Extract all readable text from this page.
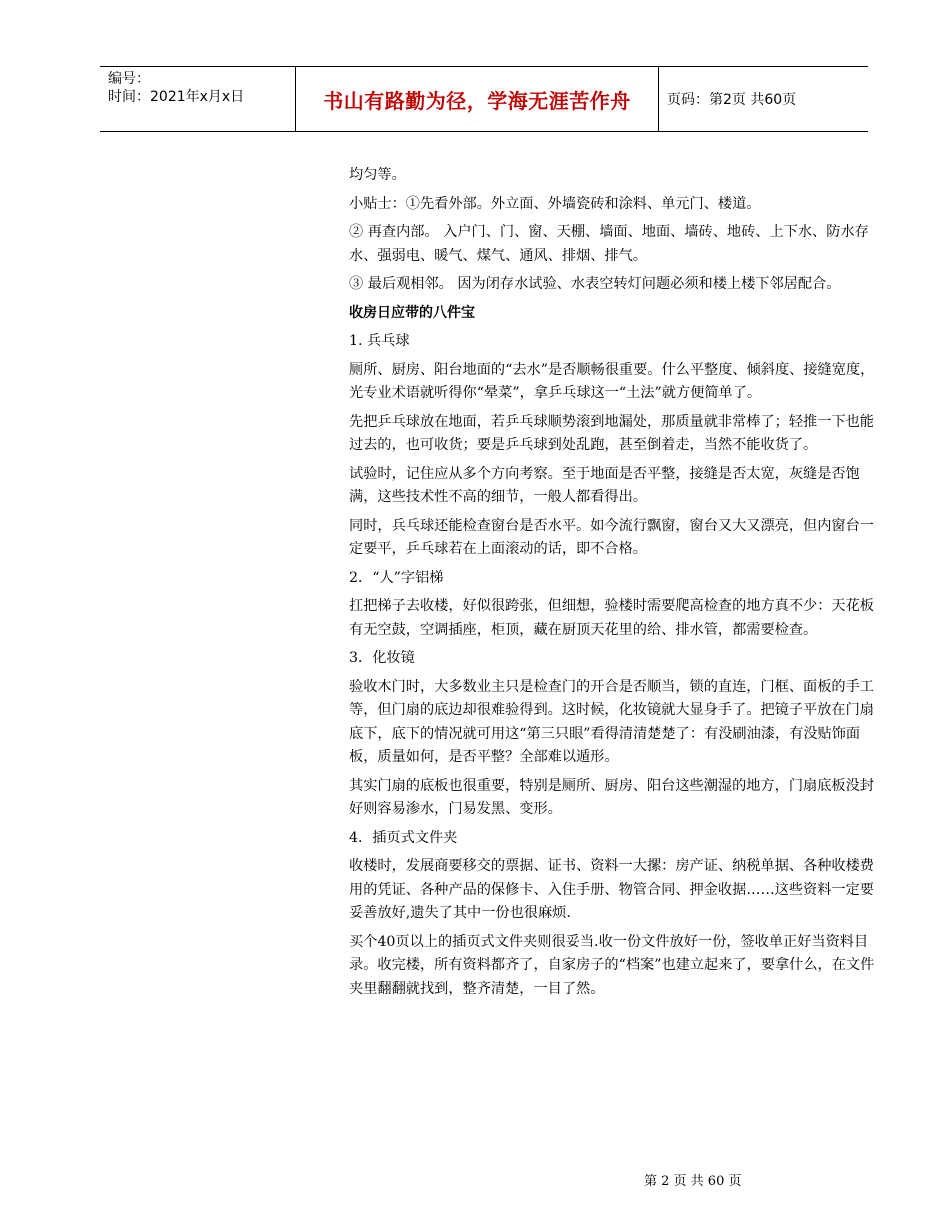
编号：
时间：2021年x月x日	书山有路勤为径，学海无涯苦作舟	页码：第2页 共60页

均匀等。

小贴士：①先看外部。外立面、外墙瓷砖和涂料、单元门、楼道。

② 再查内部。 入户门、门、窗、天棚、墙面、地面、墙砖、地砖、上下水、防水存水、强弱电、暖气、煤气、通风、排烟、排气。

③ 最后观相邻。 因为闭存水试验、水表空转灯问题必须和楼上楼下邻居配合。

收房日应带的八件宝

1. 兵乓球

厕所、厨房、阳台地面的“去水”是否顺畅很重要。什么平整度、倾斜度、接缝宽度，光专业术语就听得你“晕菜”，拿乒乓球这一“土法”就方便简单了。

先把乒乓球放在地面，若乒乓球顺势滚到地漏处，那质量就非常棒了；轻推一下也能过去的，也可收货；要是乒乓球到处乱跑，甚至倒着走，当然不能收货了。

试验时，记住应从多个方向考察。至于地面是否平整，接缝是否太宽，灰缝是否饱满，这些技术性不高的细节，一般人都看得出。

同时，兵乓球还能检查窗台是否水平。如今流行飘窗，窗台又大又漂亮，但内窗台一定要平，乒乓球若在上面滚动的话，即不合格。

2．“人”字铝梯

扛把梯子去收楼，好似很跨张，但细想，验楼时需要爬高检查的地方真不少：天花板有无空鼓，空调插座，柜顶，藏在厨顶天花里的给、排水管，都需要检查。

3．化妆镜

验收木门时，大多数业主只是检查门的开合是否顺当，锁的直连，门框、面板的手工等，但门扇的底边却很难验得到。这时候，化妆镜就大显身手了。把镜子平放在门扇底下，底下的情况就可用这“第三只眼”看得清清楚楚了：有没刷油漆，有没贴饰面板，质量如何，是否平整？全部难以遁形。

其实门扇的底板也很重要，特别是厕所、厨房、阳台这些潮湿的地方，门扇底板没封好则容易渗水，门易发黑、变形。

4．插页式文件夹

收楼时，发展商要移交的票据、证书、资料一大摞：房产证、纳税单据、各种收楼费用的凭证、各种产品的保修卡、入住手册、物管合同、押金收据……这些资料一定要妥善放好,遗失了其中一份也很麻烦.

买个40页以上的插页式文件夹则很妥当.收一份文件放好一份，签收单正好当资料目录。收完楼，所有资料都齐了，自家房子的“档案”也建立起来了，要拿什么，在文件夹里翻翻就找到，整齐清楚，一目了然。

第 2 页 共 60 页
